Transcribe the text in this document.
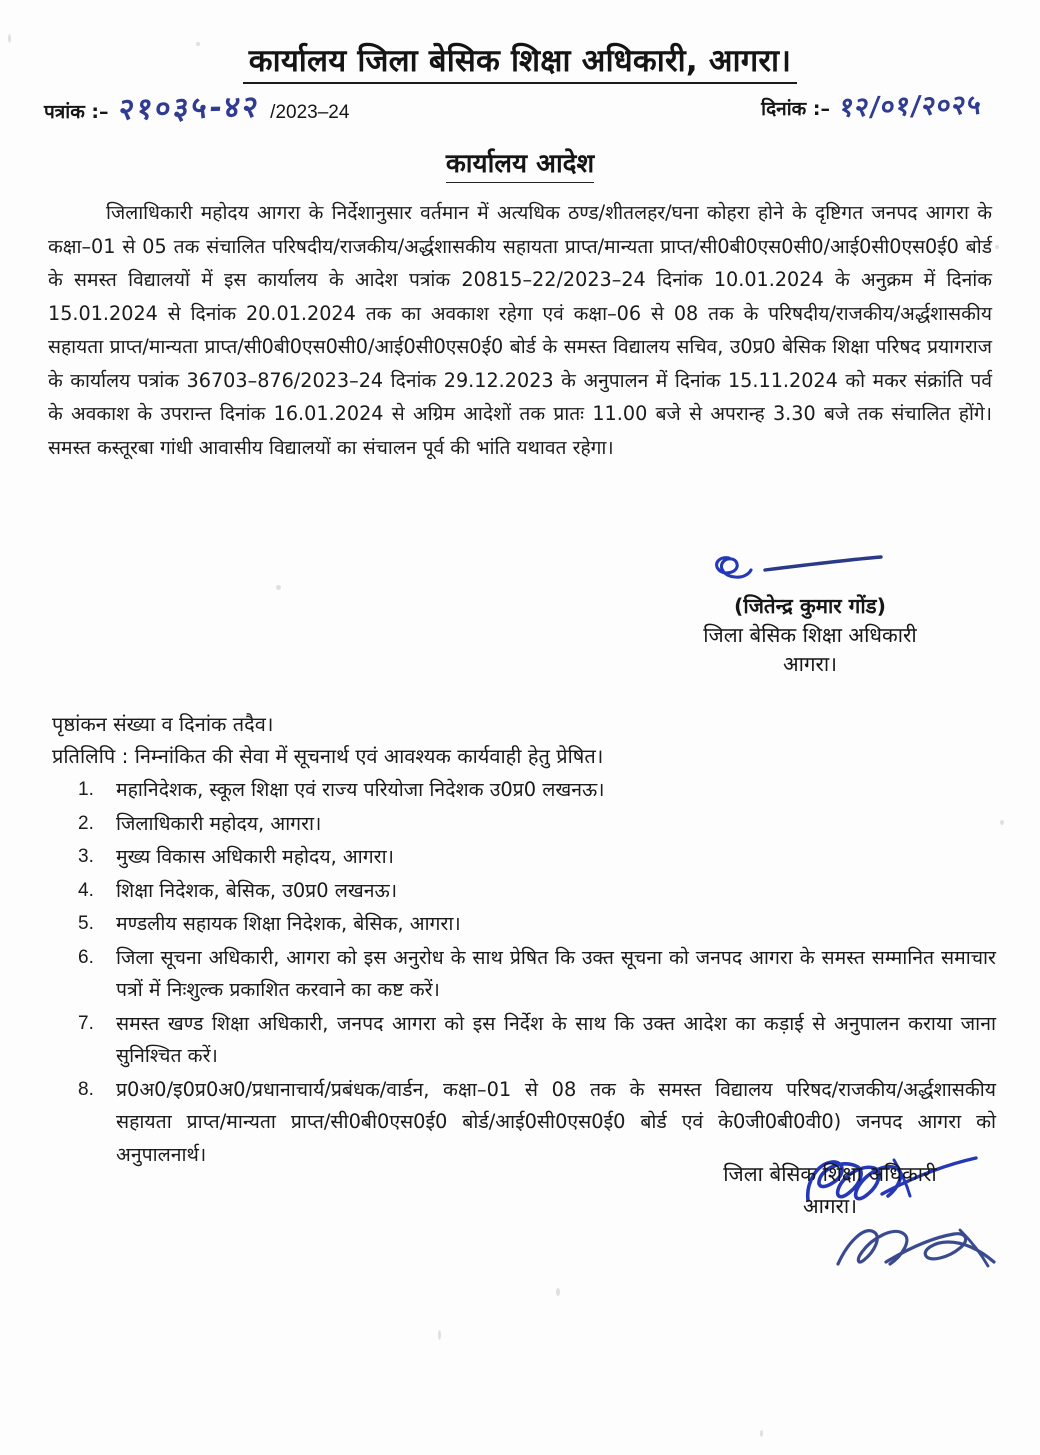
कार्यालय जिला बेसिक शिक्षा अधिकारी, आगरा।
पत्रांक :– २१०३५-४२ /2023–24	दिनांक :– १२/०१/२०२५
कार्यालय आदेश
जिलाधिकारी महोदय आगरा के निर्देशानुसार वर्तमान में अत्यधिक ठण्ड/शीतलहर/घना कोहरा होने के दृष्टिगत जनपद आगरा के कक्षा–01 से 05 तक संचालित परिषदीय/राजकीय/अर्द्धशासकीय सहायता प्राप्त/मान्यता प्राप्त/सी0बी0एस0सी0/आई0सी0एस0ई0 बोर्ड के समस्त विद्यालयों में इस कार्यालय के आदेश पत्रांक 20815–22/2023–24 दिनांक 10.01.2024 के अनुक्रम में दिनांक 15.01.2024 से दिनांक 20.01.2024 तक का अवकाश रहेगा एवं कक्षा–06 से 08 तक के परिषदीय/राजकीय/अर्द्धशासकीय सहायता प्राप्त/मान्यता प्राप्त/सी0बी0एस0सी0/आई0सी0एस0ई0 बोर्ड के समस्त विद्यालय सचिव, उ0प्र0 बेसिक शिक्षा परिषद प्रयागराज के कार्यालय पत्रांक 36703–876/2023–24 दिनांक 29.12.2023 के अनुपालन में दिनांक 15.11.2024 को मकर संक्रांति पर्व के अवकाश के उपरान्त दिनांक 16.01.2024 से अग्रिम आदेशों तक प्रातः 11.00 बजे से अपरान्ह 3.30 बजे तक संचालित होंगे। समस्त कस्तूरबा गांधी आवासीय विद्यालयों का संचालन पूर्व की भांति यथावत रहेगा।
(जितेन्द्र कुमार गोंड)
जिला बेसिक शिक्षा अधिकारी
आगरा।
पृष्ठांकन संख्या व दिनांक तदैव।
प्रतिलिपि : निम्नांकित की सेवा में सूचनार्थ एवं आवश्यक कार्यवाही हेतु प्रेषित।
1. महानिदेशक, स्कूल शिक्षा एवं राज्य परियोजा निदेशक उ0प्र0 लखनऊ।
2. जिलाधिकारी महोदय, आगरा।
3. मुख्य विकास अधिकारी महोदय, आगरा।
4. शिक्षा निदेशक, बेसिक, उ0प्र0 लखनऊ।
5. मण्डलीय सहायक शिक्षा निदेशक, बेसिक, आगरा।
6. जिला सूचना अधिकारी, आगरा को इस अनुरोध के साथ प्रेषित कि उक्त सूचना को जनपद आगरा के समस्त सम्मानित समाचार पत्रों में निःशुल्क प्रकाशित करवाने का कष्ट करें।
7. समस्त खण्ड शिक्षा अधिकारी, जनपद आगरा को इस निर्देश के साथ कि उक्त आदेश का कड़ाई से अनुपालन कराया जाना सुनिश्चित करें।
8. प्र0अ0/इ0प्र0अ0/प्रधानाचार्य/प्रबंधक/वार्डन, कक्षा–01 से 08 तक के समस्त विद्यालय परिषद/राजकीय/अर्द्धशासकीय सहायता प्राप्त/मान्यता प्राप्त/सी0बी0एस0ई0 बोर्ड/आई0सी0एस0ई0 बोर्ड एवं के0जी0बी0वी0) जनपद आगरा को अनुपालनार्थ।
जिला बेसिक शिक्षा अधिकारी
आगरा।
